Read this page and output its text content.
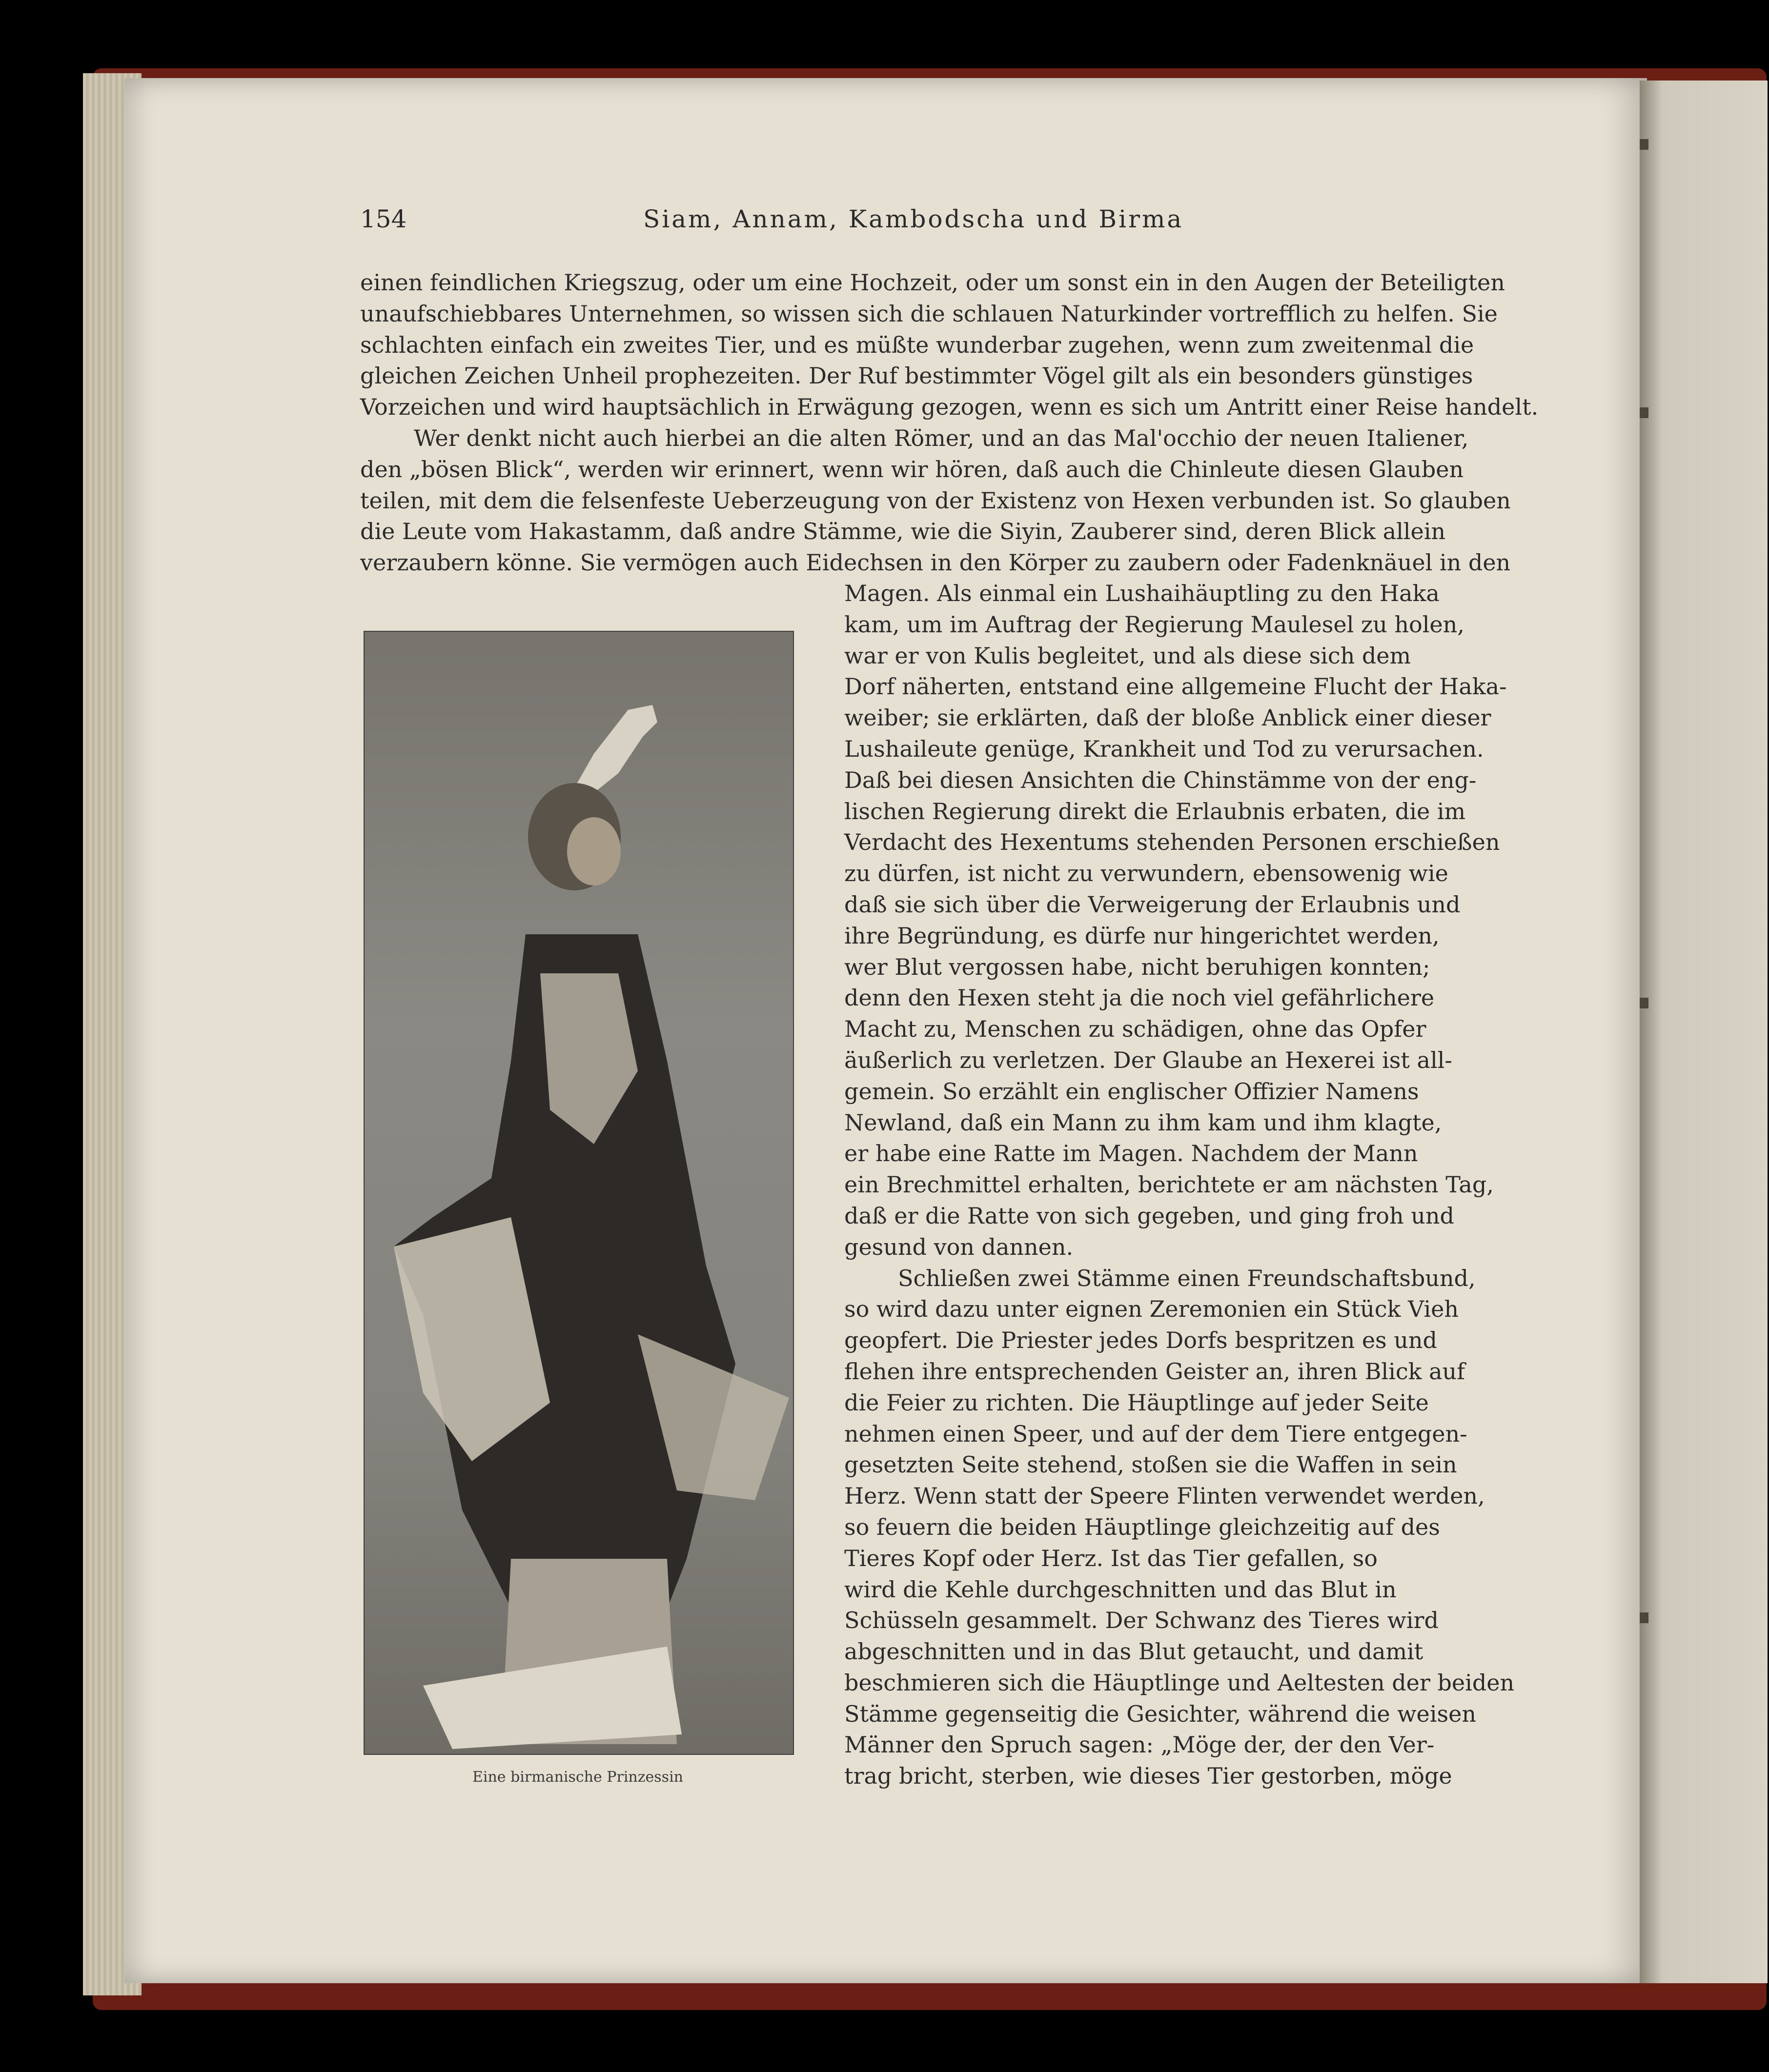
154	Siam, Annam, Kambodscha und Birma
einen feindlichen Kriegszug, oder um eine Hochzeit, oder um sonst ein in den Augen der Beteiligten
unaufschiebbares Unternehmen, so wissen sich die schlauen Naturkinder vortrefflich zu helfen. Sie
schlachten einfach ein zweites Tier, und es müßte wunderbar zugehen, wenn zum zweitenmal die
gleichen Zeichen Unheil prophezeiten. Der Ruf bestimmter Vögel gilt als ein besonders günstiges
Vorzeichen und wird hauptsächlich in Erwägung gezogen, wenn es sich um Antritt einer Reise handelt.
Wer denkt nicht auch hierbei an die alten Römer, und an das Mal'occhio der neuen Italiener,
den „bösen Blick“, werden wir erinnert, wenn wir hören, daß auch die Chinleute diesen Glauben
teilen, mit dem die felsenfeste Ueberzeugung von der Existenz von Hexen verbunden ist. So glauben
die Leute vom Hakastamm, daß andre Stämme, wie die Siyin, Zauberer sind, deren Blick allein
verzaubern könne. Sie vermögen auch Eidechsen in den Körper zu zaubern oder Fadenknäuel in den
Eine birmanische Prinzessin
Magen. Als einmal ein Lushaihäuptling zu den Haka
kam, um im Auftrag der Regierung Maulesel zu holen,
war er von Kulis begleitet, und als diese sich dem
Dorf näherten, entstand eine allgemeine Flucht der Haka-
weiber; sie erklärten, daß der bloße Anblick einer dieser
Lushaileute genüge, Krankheit und Tod zu verursachen.
Daß bei diesen Ansichten die Chinstämme von der eng-
lischen Regierung direkt die Erlaubnis erbaten, die im
Verdacht des Hexentums stehenden Personen erschießen
zu dürfen, ist nicht zu verwundern, ebensowenig wie
daß sie sich über die Verweigerung der Erlaubnis und
ihre Begründung, es dürfe nur hingerichtet werden,
wer Blut vergossen habe, nicht beruhigen konnten;
denn den Hexen steht ja die noch viel gefährlichere
Macht zu, Menschen zu schädigen, ohne das Opfer
äußerlich zu verletzen. Der Glaube an Hexerei ist all-
gemein. So erzählt ein englischer Offizier Namens
Newland, daß ein Mann zu ihm kam und ihm klagte,
er habe eine Ratte im Magen. Nachdem der Mann
ein Brechmittel erhalten, berichtete er am nächsten Tag,
daß er die Ratte von sich gegeben, und ging froh und
gesund von dannen.
Schließen zwei Stämme einen Freundschaftsbund,
so wird dazu unter eignen Zeremonien ein Stück Vieh
geopfert. Die Priester jedes Dorfs bespritzen es und
flehen ihre entsprechenden Geister an, ihren Blick auf
die Feier zu richten. Die Häuptlinge auf jeder Seite
nehmen einen Speer, und auf der dem Tiere entgegen-
gesetzten Seite stehend, stoßen sie die Waffen in sein
Herz. Wenn statt der Speere Flinten verwendet werden,
so feuern die beiden Häuptlinge gleichzeitig auf des
Tieres Kopf oder Herz. Ist das Tier gefallen, so
wird die Kehle durchgeschnitten und das Blut in
Schüsseln gesammelt. Der Schwanz des Tieres wird
abgeschnitten und in das Blut getaucht, und damit
beschmieren sich die Häuptlinge und Aeltesten der beiden
Stämme gegenseitig die Gesichter, während die weisen
Männer den Spruch sagen: „Möge der, der den Ver-
trag bricht, sterben, wie dieses Tier gestorben, möge
